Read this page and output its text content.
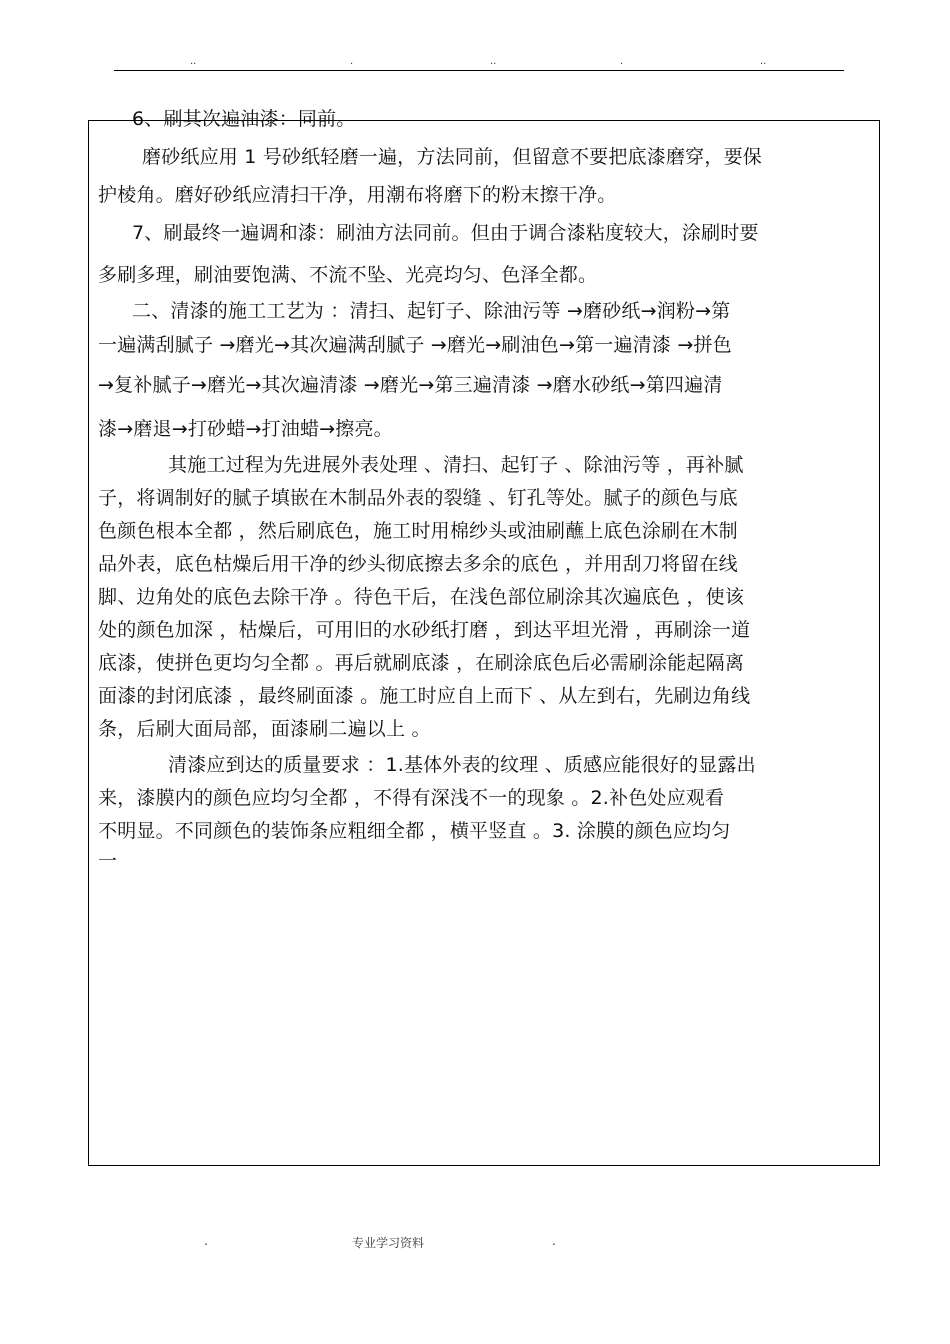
..	.	..	.	..
6、刷其次遍油漆：同前。
磨砂纸应用 1 号砂纸轻磨一遍，方法同前，但留意不要把底漆磨穿，要保
护棱角。磨好砂纸应清扫干净，用潮布将磨下的粉末擦干净。
7、刷最终一遍调和漆：刷油方法同前。但由于调合漆粘度较大，涂刷时要
多刷多理，刷油要饱满、不流不坠、光亮均匀、色泽全都。
二、清漆的施工工艺为 ：清扫、起钉子、除油污等 →磨砂纸→润粉→第
一遍满刮腻子 →磨光→其次遍满刮腻子 →磨光→刷油色→第一遍清漆 →拼色
→复补腻子→磨光→其次遍清漆 →磨光→第三遍清漆 →磨水砂纸→第四遍清
漆→磨退→打砂蜡→打油蜡→擦亮。
其施工过程为先进展外表处理 、清扫、起钉子 、除油污等 ，再补腻
子，将调制好的腻子填嵌在木制品外表的裂缝 、钉孔等处。腻子的颜色与底
色颜色根本全都 ，然后刷底色，施工时用棉纱头或油刷蘸上底色涂刷在木制
品外表，底色枯燥后用干净的纱头彻底擦去多余的底色 ，并用刮刀将留在线
脚、边角处的底色去除干净 。待色干后，在浅色部位刷涂其次遍底色 ，使该
处的颜色加深 ，枯燥后，可用旧的水砂纸打磨 ，到达平坦光滑 ，再刷涂一道
底漆，使拼色更均匀全都 。再后就刷底漆 ，在刷涂底色后必需刷涂能起隔离
面漆的封闭底漆 ，最终刷面漆 。施工时应自上而下 、从左到右，先刷边角线
条，后刷大面局部，面漆刷二遍以上 。
清漆应到达的质量要求 ：1.基体外表的纹理 、质感应能很好的显露出
来，漆膜内的颜色应均匀全都 ，不得有深浅不一的现象 。2.补色处应观看
不明显。不同颜色的装饰条应粗细全都 ，横平竖直 。3. 涂膜的颜色应均匀
一
.	专业学习资料	.
